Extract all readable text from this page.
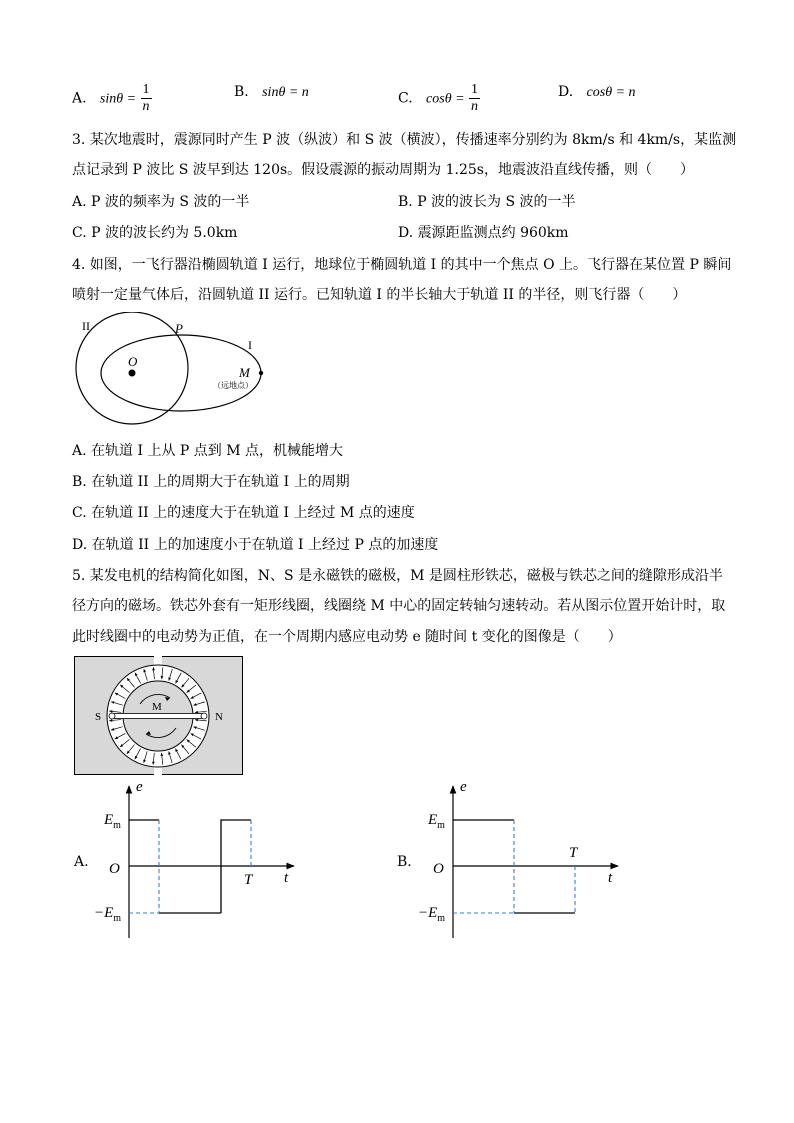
A. $\sin\theta = \frac{1}{n}$	B. sinθ = n	C. $\cos\theta = \frac{1}{n}$	D. cosθ = n
3. 某次地震时，震源同时产生 P 波（纵波）和 S 波（横波），传播速率分别约为 8km/s 和 4km/s，某监测
点记录到 P 波比 S 波早到达 120s。假设震源的振动周期为 1.25s，地震波沿直线传播，则（　　）
A. P 波的频率为 S 波的一半	B. P 波的波长为 S 波的一半
C. P 波的波长约为 5.0km	D. 震源距监测点约 960km
4. 如图，一飞行器沿椭圆轨道 I 运行，地球位于椭圆轨道 I 的其中一个焦点 O 上。飞行器在某位置 P 瞬间
喷射一定量气体后，沿圆轨道 II 运行。已知轨道 I 的半长轴大于轨道 II 的半径，则飞行器（　　）
II	P
I
O
M
（远地点）
A. 在轨道 I 上从 P 点到 M 点，机械能增大
B. 在轨道 II 上的周期大于在轨道 I 上的周期
C. 在轨道 II 上的速度大于在轨道 I 上经过 M 点的速度
D. 在轨道 II 上的加速度小于在轨道 I 上经过 P 点的加速度
5. 某发电机的结构简化如图，N、S 是永磁铁的磁极，M 是圆柱形铁芯，磁极与铁芯之间的缝隙形成沿半
径方向的磁场。铁芯外套有一矩形线圈，线圈绕 M 中心的固定转轴匀速转动。若从图示位置开始计时，取
此时线圈中的电动势为正值，在一个周期内感应电动势 e 随时间 t 变化的图像是（　　）
M
S	N
A.
e
t
O
$E_m$
$-E_m$
T
B.
e
t
O
$E_m$
$-E_m$
T
